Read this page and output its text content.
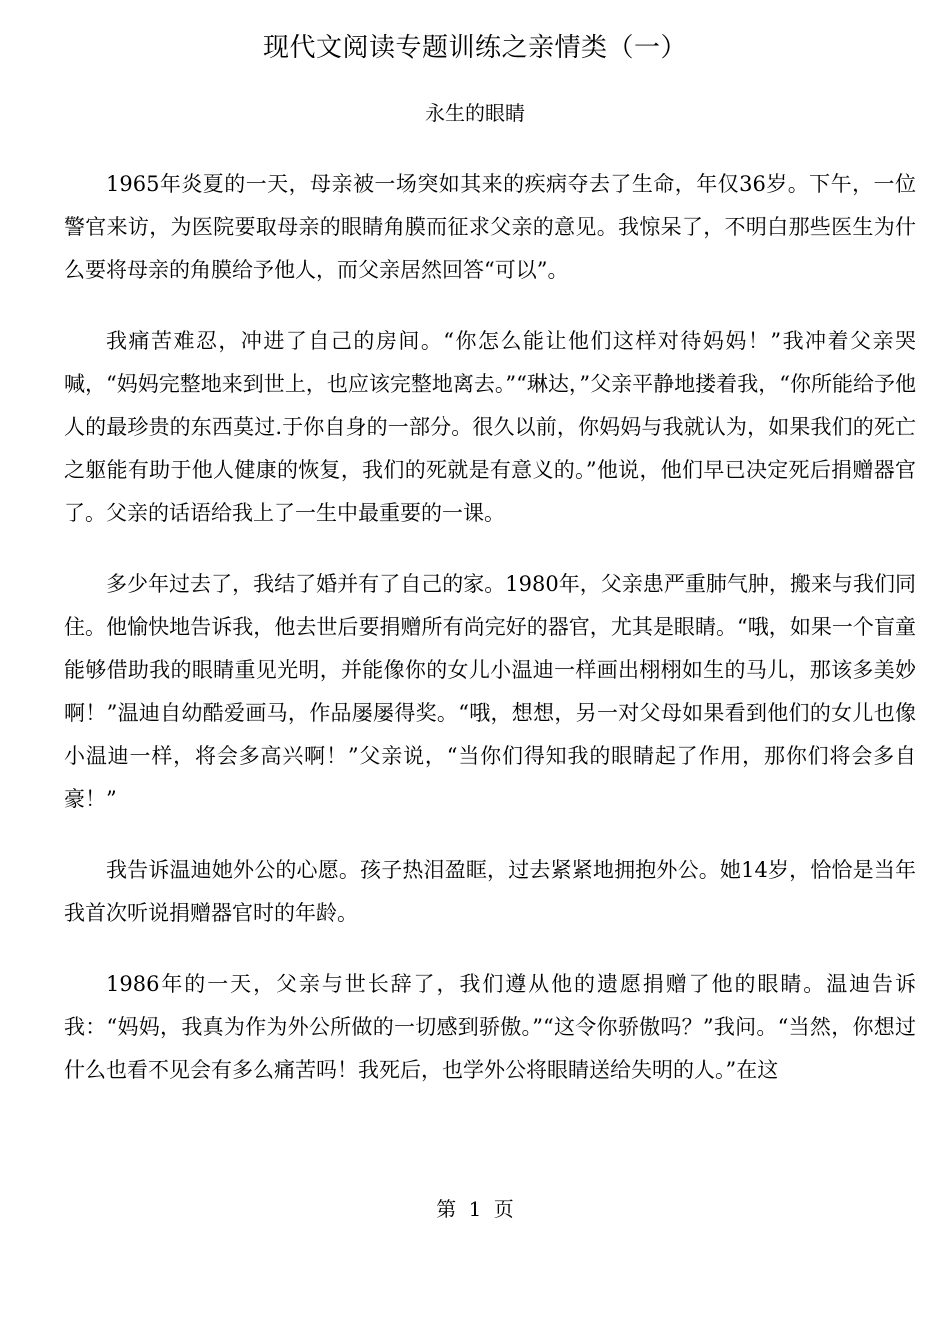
现代文阅读专题训练之亲情类（一）
永生的眼睛

1965年炎夏的一天，母亲被一场突如其来的疾病夺去了生命，年仅36岁。下午，一位警官来访，为医院要取母亲的眼睛角膜而征求父亲的意见。我惊呆了，不明白那些医生为什么要将母亲的角膜给予他人，而父亲居然回答“可以”。

我痛苦难忍，冲进了自己的房间。“你怎么能让他们这样对待妈妈！”我冲着父亲哭喊，“妈妈完整地来到世上，也应该完整地离去。”“琳达，”父亲平静地搂着我，“你所能给予他人的最珍贵的东西莫过.于你自身的一部分。很久以前，你妈妈与我就认为，如果我们的死亡之躯能有助于他人健康的恢复，我们的死就是有意义的。”他说，他们早已决定死后捐赠器官了。父亲的话语给我上了一生中最重要的一课。

多少年过去了，我结了婚并有了自己的家。1980年，父亲患严重肺气肿，搬来与我们同住。他愉快地告诉我，他去世后要捐赠所有尚完好的器官，尤其是眼睛。“哦，如果一个盲童能够借助我的眼睛重见光明，并能像你的女儿小温迪一样画出栩栩如生的马儿，那该多美妙啊！”温迪自幼酷爱画马，作品屡屡得奖。“哦，想想，另一对父母如果看到他们的女儿也像小温迪一样，将会多高兴啊！”父亲说，“当你们得知我的眼睛起了作用，那你们将会多自豪！”

我告诉温迪她外公的心愿。孩子热泪盈眶，过去紧紧地拥抱外公。她14岁，恰恰是当年我首次听说捐赠器官时的年龄。

1986年的一天，父亲与世长辞了，我们遵从他的遗愿捐赠了他的眼睛。温迪告诉我：“妈妈，我真为作为外公所做的一切感到骄傲。”“这令你骄傲吗？”我问。“当然，你想过什么也看不见会有多么痛苦吗！我死后，也学外公将眼睛送给失明的人。”在这

第 1 页
